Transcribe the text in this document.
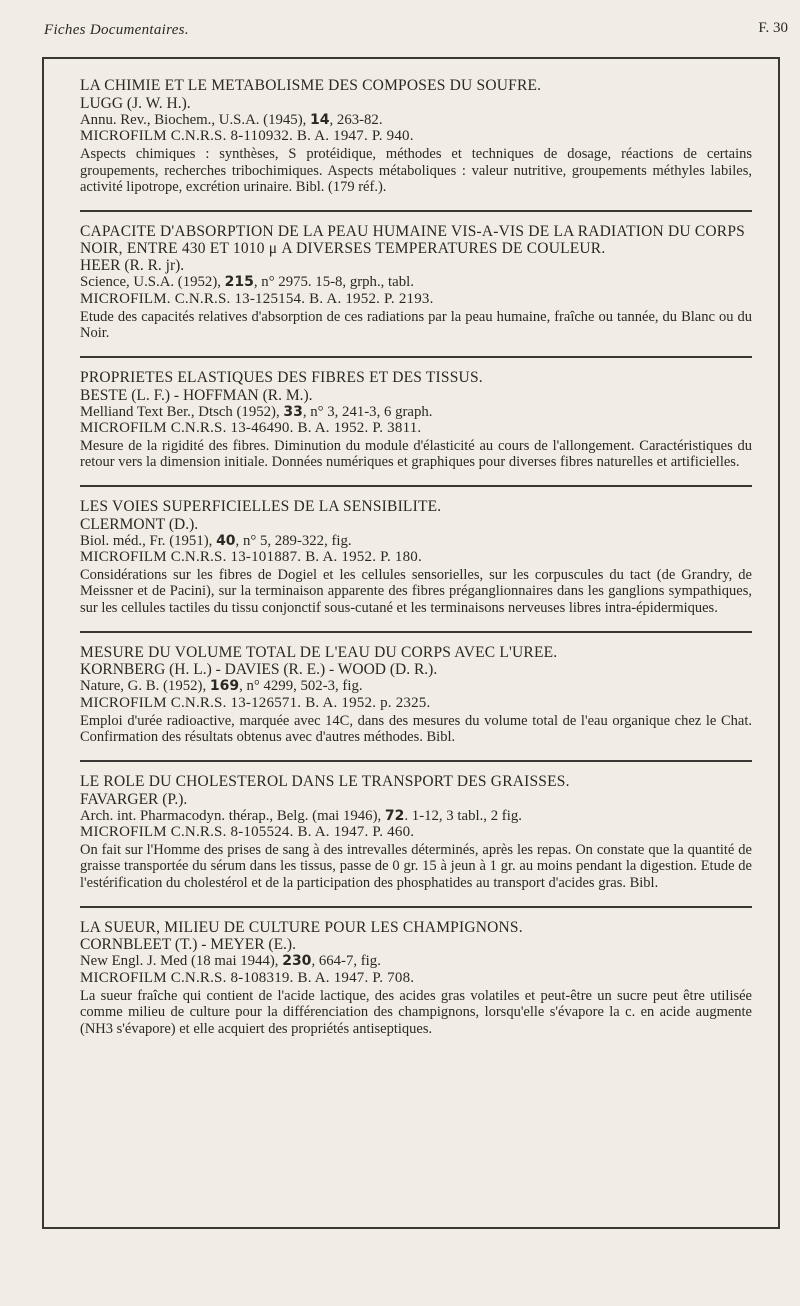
Fiches Documentaires.	F. 30
LA CHIMIE ET LE METABOLISME DES COMPOSES DU SOUFRE.
LUGG (J. W. H.).
Annu. Rev., Biochem., U.S.A. (1945), 14, 263-82.
MICROFILM C.N.R.S. 8-110932. B. A. 1947. P. 940.
Aspects chimiques : synthèses, S protéidique, méthodes et techniques de dosage, réactions de certains groupements, recherches tribochimiques. Aspects métaboliques : valeur nutritive, groupements méthyles labiles, activité lipotrope, excrétion urinaire. Bibl. (179 réf.).
CAPACITE D'ABSORPTION DE LA PEAU HUMAINE VIS-A-VIS DE LA RADIATION DU CORPS NOIR, ENTRE 430 ET 1010 μ A DIVERSES TEMPERATURES DE COULEUR.
HEER (R. R. jr).
Science, U.S.A. (1952), 215, n° 2975. 15-8, grph., tabl.
MICROFILM. C.N.R.S. 13-125154. B. A. 1952. P. 2193.
Etude des capacités relatives d'absorption de ces radiations par la peau humaine, fraîche ou tannée, du Blanc ou du Noir.
PROPRIETES ELASTIQUES DES FIBRES ET DES TISSUS.
BESTE (L. F.) - HOFFMAN (R. M.).
Melliand Text Ber., Dtsch (1952), 33, n° 3, 241-3, 6 graph.
MICROFILM C.N.R.S. 13-46490. B. A. 1952. P. 3811.
Mesure de la rigidité des fibres. Diminution du module d'élasticité au cours de l'allongement. Caractéristiques du retour vers la dimension initiale. Données numériques et graphiques pour diverses fibres naturelles et artificielles.
LES VOIES SUPERFICIELLES DE LA SENSIBILITE.
CLERMONT (D.).
Biol. méd., Fr. (1951), 40, n° 5, 289-322, fig.
MICROFILM C.N.R.S. 13-101887. B. A. 1952. P. 180.
Considérations sur les fibres de Dogiel et les cellules sensorielles, sur les corpuscules du tact (de Grandry, de Meissner et de Pacini), sur la terminaison apparente des fibres préganglionnaires dans les ganglions sympathiques, sur les cellules tactiles du tissu conjonctif sous-cutané et les terminaisons nerveuses libres intra-épidermiques.
MESURE DU VOLUME TOTAL DE L'EAU DU CORPS AVEC L'UREE.
KORNBERG (H. L.) - DAVIES (R. E.) - WOOD (D. R.).
Nature, G. B. (1952), 169, n° 4299, 502-3, fig.
MICROFILM C.N.R.S. 13-126571. B. A. 1952. p. 2325.
Emploi d'urée radioactive, marquée avec 14C, dans des mesures du volume total de l'eau organique chez le Chat. Confirmation des résultats obtenus avec d'autres méthodes. Bibl.
LE ROLE DU CHOLESTEROL DANS LE TRANSPORT DES GRAISSES.
FAVARGER (P.).
Arch. int. Pharmacodyn. thérap., Belg. (mai 1946), 72. 1-12, 3 tabl., 2 fig.
MICROFILM C.N.R.S. 8-105524. B. A. 1947. P. 460.
On fait sur l'Homme des prises de sang à des intrevalles déterminés, après les repas. On constate que la quantité de graisse transportée du sérum dans les tissus, passe de 0 gr. 15 à jeun à 1 gr. au moins pendant la digestion. Etude de l'estérification du cholestérol et de la participation des phosphatides au transport d'acides gras. Bibl.
LA SUEUR, MILIEU DE CULTURE POUR LES CHAMPIGNONS.
CORNBLEET (T.) - MEYER (E.).
New Engl. J. Med (18 mai 1944), 230, 664-7, fig.
MICROFILM C.N.R.S. 8-108319. B. A. 1947. P. 708.
La sueur fraîche qui contient de l'acide lactique, des acides gras volatiles et peut-être un sucre peut être utilisée comme milieu de culture pour la différenciation des champignons, lorsqu'elle s'évapore la c. en acide augmente (NH3 s'évapore) et elle acquiert des propriétés antiseptiques.
